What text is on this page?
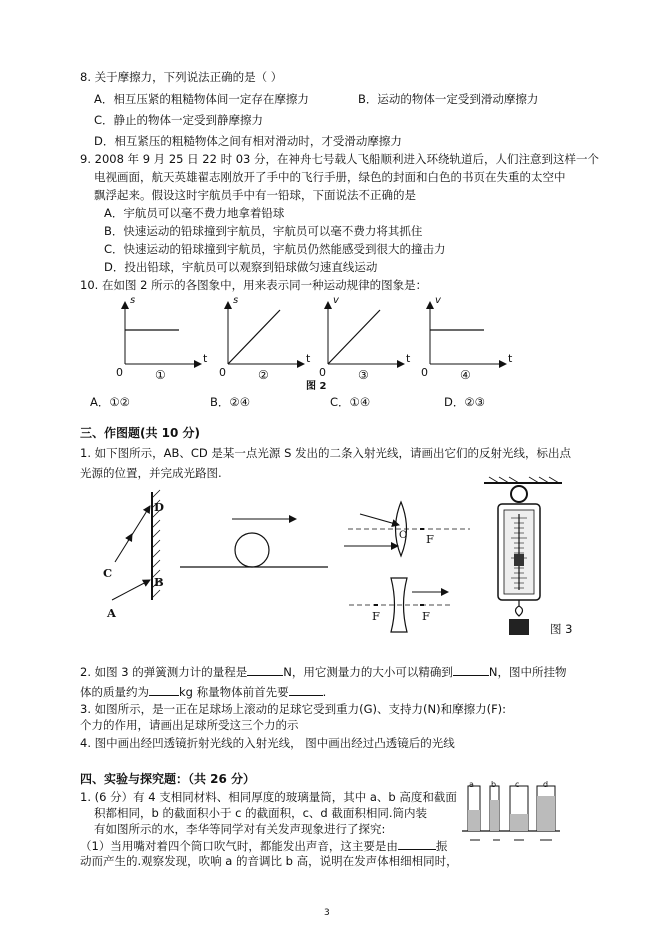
8. 关于摩擦力，下列说法正确的是（ ）
A．相互压紧的粗糙物体间一定存在摩擦力	B．运动的物体一定受到滑动摩擦力
C．静止的物体一定受到静摩擦力
D．相互紧压的粗糙物体之间有相对滑动时，才受滑动摩擦力
9. 2008 年 9 月 25 日 22 时 03 分，在神舟七号载人飞船顺利进入环绕轨道后，人们注意到这样一个
电视画面，航天英雄翟志刚放开了手中的飞行手册，绿色的封面和白色的书页在失重的太空中
飘浮起来。假设这时宇航员手中有一铅球，下面说法不正确的是
A．宇航员可以毫不费力地拿着铅球
B．快速运动的铅球撞到宇航员，宇航员可以毫不费力将其抓住
C．快速运动的铅球撞到宇航员，宇航员仍然能感受到很大的撞击力
D．投出铅球，宇航员可以观察到铅球做匀速直线运动
10. 在如图 2 所示的各图象中，用来表示同一种运动规律的图象是：
s
t
0	①
s
t
0	②
v
t
0	③
v
t
0	④
图 2
A．①②	B．②④	C．①④	D．②③
三、作图题(共 10 分)
1. 如下图所示，AB、CD 是某一点光源 S 发出的二条入射光线，请画出它们的反射光线，标出点
光源的位置，并完成光路图.
D
C
B
A
O F
F	F
图 3
2. 如图 3 的弹簧测力计的量程是	N，用它测量力的大小可以精确到	N，图中所挂物
体的质量约为	kg 称量物体前首先要	.
3. 如图所示，是一正在足球场上滚动的足球它受到重力(G)、支持力(N)和摩擦力(F):
个力的作用，请画出足球所受这三个力的示
4. 图中画出经凹透镜折射光线的入射光线， 图中画出经过凸透镜后的光线
四、实验与探究题：（共 26 分）
1. (6 分）有 4 支相同材料、相同厚度的玻璃量筒，其中 a、b 高度和截面
积都相同，b 的截面积小于 c 的截面积，c、d 截面积相同.筒内装
有如图所示的水，李华等同学对有关发声现象进行了探究:
（1）当用嘴对着四个筒口吹气时，都能发出声音，这主要是由	振
动而产生的.观察发现，吹响 a 的音调比 b 高，说明在发声体相细相同时，
a b c	d
3
